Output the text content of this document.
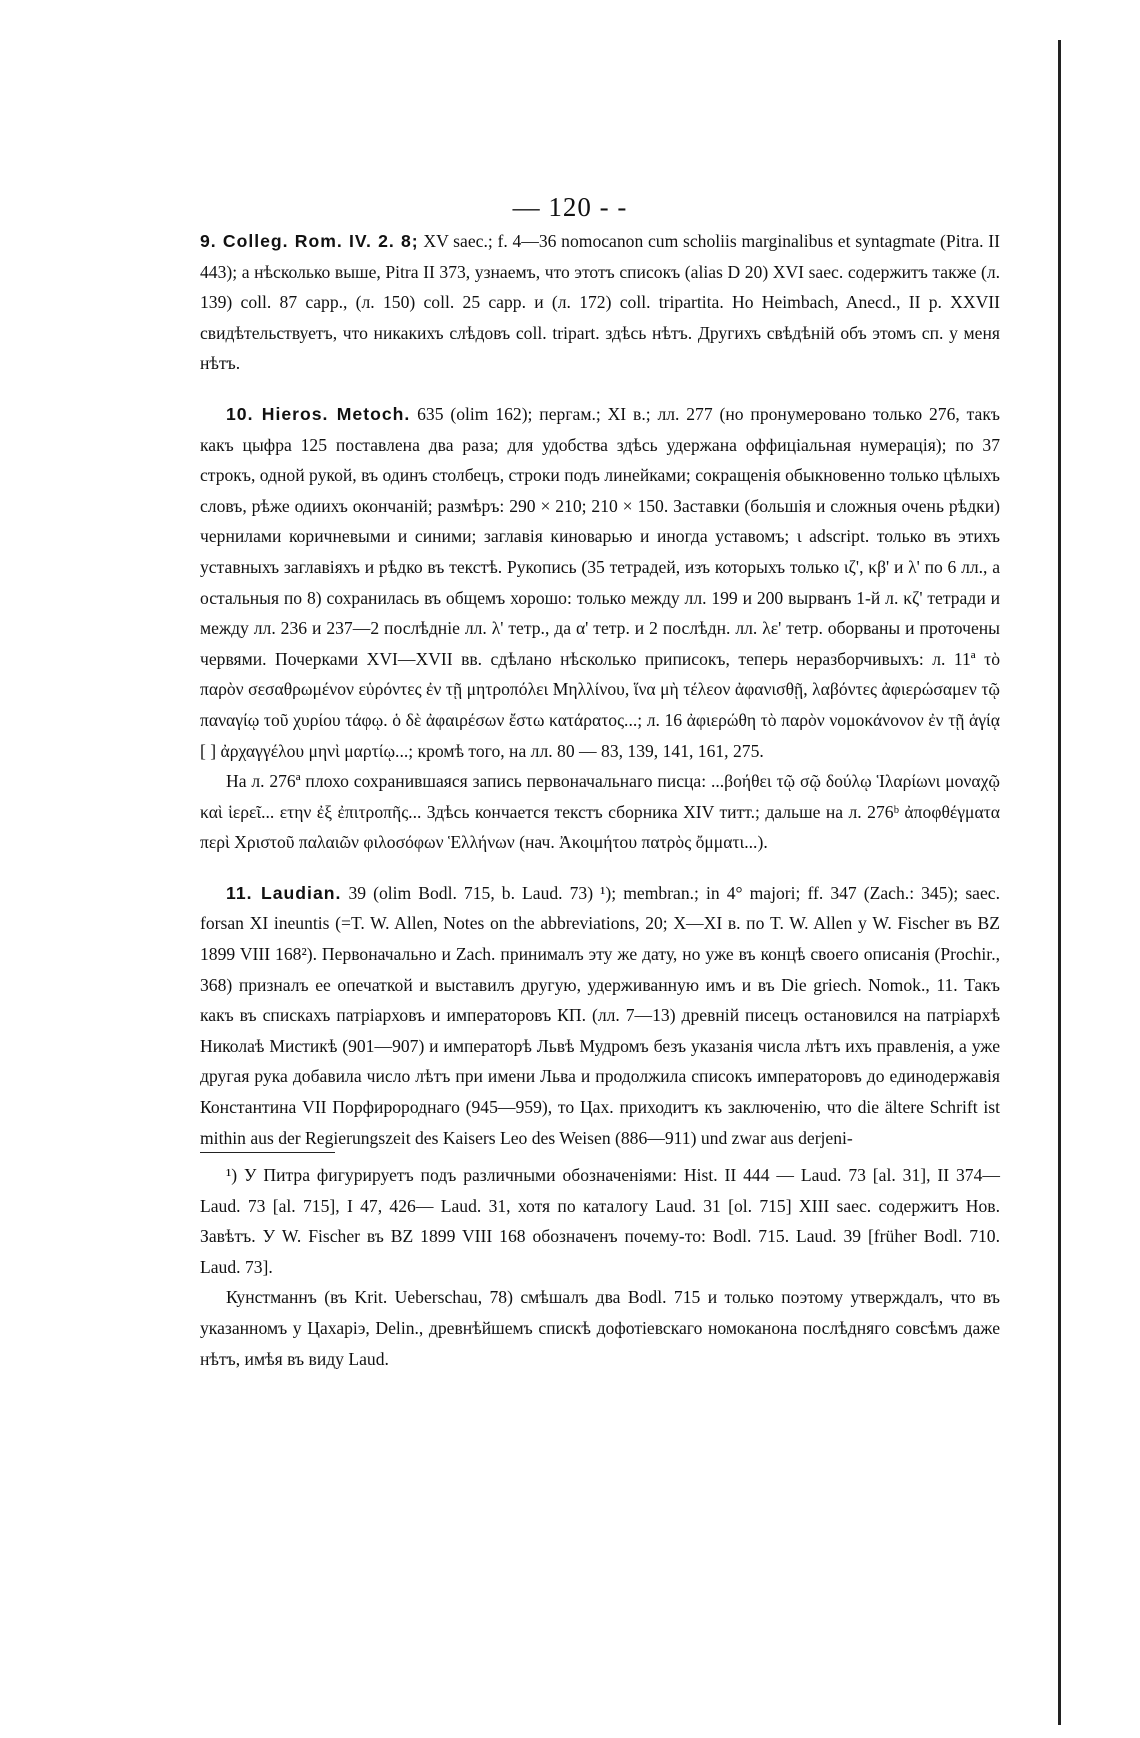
— 120 - -

9. Colleg. Rom. IV. 2. 8; XV saec.; f. 4—36 nomocanon cum scholiis marginalibus et syntagmate (Pitra. II 443); а нѣсколько выше, Pitra II 373, узнаемъ, что этотъ списокъ (alias D 20) XVI saec. содержитъ также (л. 139) coll. 87 capp., (л. 150) coll. 25 capp. и (л. 172) coll. tripartita. Но Heimbach, Anecd., II р. XXVII свидѣтельствуетъ, что никакихъ слѣдовъ coll. tripart. здѣсь нѣтъ. Другихъ свѣдѣній объ этомъ сп. у меня нѣтъ.

10. Hieros. Metoch. 635 (olim 162); пергам.; XI в.; лл. 277 (но пронумеровано только 276, такъ какъ цыфра 125 поставлена два раза; для удобства здѣсь удержана оффиціальная нумерація); по 37 строкъ, одной рукой, въ одинъ столбецъ, строки подъ линейками; сокращенія обыкновенно только цѣлыхъ словъ, рѣже одиихъ окончаній; размѣръ: 290 × 210; 210 × 150. Заставки (большія и сложныя очень рѣдки) чернилами коричневыми и синими; заглавія киноварью и иногда уставомъ; ι adscript. только въ этихъ уставныхъ заглавіяхъ и рѣдко въ текстѣ. Рукопись (35 тетрадей, изъ которыхъ только ιζ', κβ' и λ' по 6 лл., а остальныя по 8) сохранилась въ общемъ хорошо: только между лл. 199 и 200 вырванъ 1-й л. κζ' тетради и между лл. 236 и 237—2 послѣдніе лл. λ' тетр., да α' тетр. и 2 послѣдн. лл. λε' тетр. оборваны и проточены червями. Почерками XVI—XVII вв. сдѣлано нѣсколько приписокъ, теперь неразборчивыхъ: л. 11ª τὸ παρὸν σεσαθρωμένον εὑρόντες ἐν τῇ μητροπόλει Μηλλίνου, ἵνα μὴ τέλεον ἀφανισθῇ, λαβόντες ἀφιερώσαμεν τῷ παναγίῳ τοῦ χυρίου τάφῳ. ὁ δὲ ἀφαιρέσων ἔστω κατάρατος...; л. 16 ἀφιερώθη τὸ παρὸν νομοκάνονον ἐν τῇ ἁγίᾳ [ ] ἀρχαγγέλου μηνὶ μαρτίῳ...; кромѣ того, на лл. 80 — 83, 139, 141, 161, 275.

На л. 276ª плохо сохранившаяся запись первоначальнаго писца: ...βοήθει τῷ σῷ δούλῳ Ἱλαρίωνι μοναχῷ καὶ ἱερεῖ... ετην ἐξ ἐπιτροπῆς... Здѣсь кончается текстъ сборника XIV титт.; дальше на л. 276ᵇ ἀποφθέγματα περὶ Χριστοῦ παλαιῶν φιλοσόφων Ἑλλήνων (нач. Ἀκοιμήτου πατρὸς ὄμματι...).

11. Laudian. 39 (olim Bodl. 715, b. Laud. 73) ¹); membran.; in 4° majori; ff. 347 (Zach.: 345); saec. forsan XI ineuntis (=T. W. Allen, Notes on the abbreviations, 20; X—XI в. по T. W. Allen у W. Fischer въ BZ 1899 VIII 168²). Первоначально и Zach. принималъ эту же дату, но уже въ концѣ своего описанія (Prochir., 368) призналъ ее опечаткой и выставилъ другую, удерживанную имъ и въ Die griech. Nomok., 11. Такъ какъ въ спискахъ патріарховъ и императоровъ КП. (лл. 7—13) древній писецъ остановился на патріархѣ Николаѣ Мистикѣ (901—907) и императорѣ Львѣ Мудромъ безъ указанія числа лѣтъ ихъ правленія, а уже другая рука добавила число лѣтъ при имени Льва и продолжила списокъ императоровъ до единодержавія Константина VII Порфиророднаго (945—959), то Цах. приходитъ къ заключенію, что die ältere Schrift ist mithin aus der Regierungszeit des Kaisers Leo des Weisen (886—911) und zwar aus derjeni-

¹) У Питра фигурируетъ подъ различными обозначеніями: Hist. II 444 — Laud. 73 [al. 31], II 374—Laud. 73 [al. 715], I 47, 426— Laud. 31, хотя по каталогу Laud. 31 [ol. 715] XIII saec. содержитъ Нов. Завѣтъ. У W. Fischer въ BZ 1899 VIII 168 обозначенъ почему-то: Bodl. 715. Laud. 39 [früher Bodl. 710. Laud. 73].

Кунстманнъ (въ Krit. Ueberschau, 78) смѣшалъ два Bodl. 715 и только поэтому утверждалъ, что въ указанномъ у Цахаріэ, Delin., древнѣйшемъ спискѣ дофотіевскаго номоканона послѣдняго совсѣмъ даже нѣтъ, имѣя въ виду Laud.
